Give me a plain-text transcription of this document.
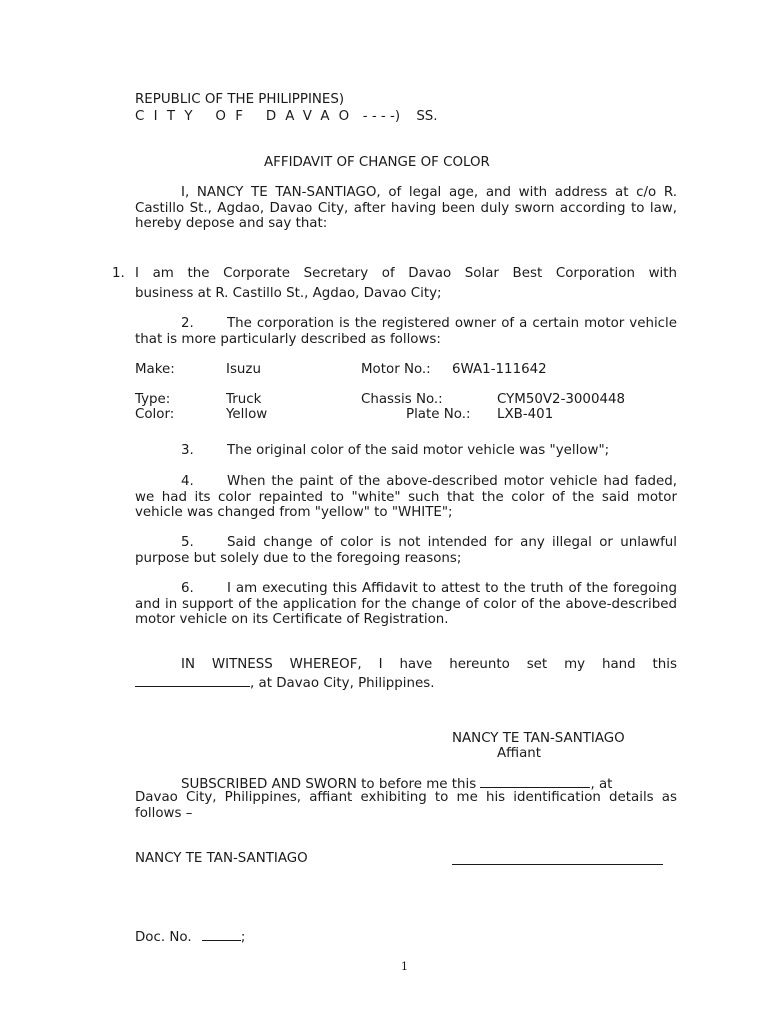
REPUBLIC OF THE PHILIPPINES)
CITY OF DAVAO - - - -) SS.
AFFIDAVIT OF CHANGE OF COLOR
I, NANCY TE TAN-SANTIAGO, of legal age, and with address at c/o R. Castillo St., Agdao, Davao City, after having been duly sworn according to law, hereby depose and say that:
1. I am the Corporate Secretary of Davao Solar Best Corporation with
business at R. Castillo St., Agdao, Davao City;
2. The corporation is the registered owner of a certain motor vehicle that is more particularly described as follows:
Make:	Isuzu	Motor No.: 6WA1-111642
Type:	Truck	Chassis No.:	CYM50V2-3000448
Color:	Yellow	Plate No.: LXB-401
3. The original color of the said motor vehicle was "yellow";
4. When the paint of the above-described motor vehicle had faded, we had its color repainted to "white" such that the color of the said motor vehicle was changed from "yellow" to "WHITE";
5. Said change of color is not intended for any illegal or unlawful purpose but solely due to the foregoing reasons;
6. I am executing this Affidavit to attest to the truth of the foregoing and in support of the application for the change of color of the above-described motor vehicle on its Certificate of Registration.
IN WITNESS WHEREOF, I have hereunto set my hand this
, at Davao City, Philippines.
NANCY TE TAN-SANTIAGO
Affiant
SUBSCRIBED AND SWORN to before me this	, at
Davao City, Philippines, affiant exhibiting to me his identification details as follows –
NANCY TE TAN-SANTIAGO
Doc. No.	;
1
